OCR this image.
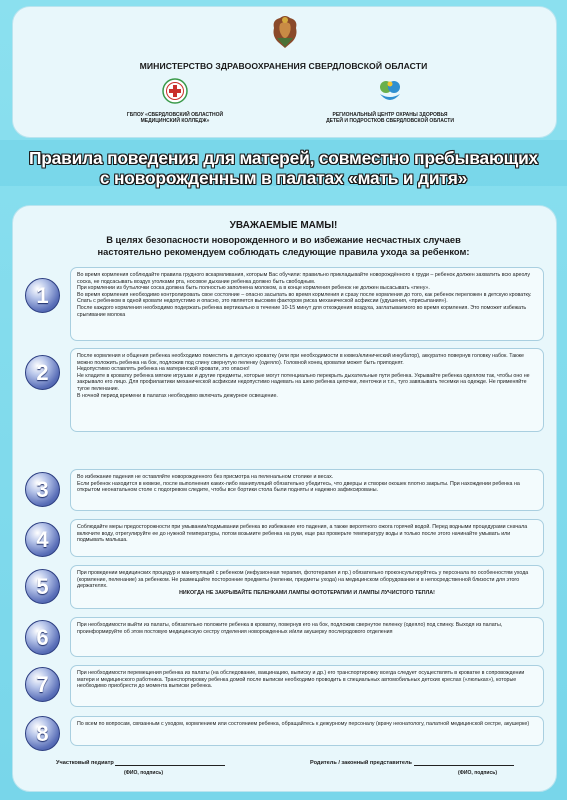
МИНИСТЕРСТВО ЗДРАВООХРАНЕНИЯ СВЕРДЛОВСКОЙ ОБЛАСТИ
ГБПОУ «СВЕРДЛОВСКИЙ ОБЛАСТНОЙ
МЕДИЦИНСКИЙ КОЛЛЕДЖ»
РЕГИОНАЛЬНЫЙ ЦЕНТР ОХРАНЫ ЗДОРОВЬЯ
ДЕТЕЙ И ПОДРОСТКОВ СВЕРДЛОВСКОЙ ОБЛАСТИ
Правила поведения для матерей, совместно пребывающих
с новорожденным в палатах «мать и дитя»
УВАЖАЕМЫЕ МАМЫ!
В целях безопасности новорожденного и во избежание несчастных случаев
настоятельно рекомендуем соблюдать следующие правила ухода за ребенком:
1

Во время кормления соблюдайте правила грудного вскармливания, которым Вас обучили: правильно прикладывайте новорождённого к груди – ребенок должен захватить всю ареолу соска, не подсасывать воздух уголками рта, носовое дыхание ребенка должно быть свободным.

При кормлении из бутылочки соска должна быть полностью заполнена молоком, а в конце кормления ребенок не должен высасывать «пену».

Во время кормления необходимо контролировать свое состояние – опасно засыпать во время кормления и сразу после кормления до того, как ребенок переложен в детскую кроватку. Спать с ребенком в одной кровати недопустимо и опасно, это является высоким фактором риска механической асфиксии (удушения, «присыпания»).

После каждого кормления необходимо подержать ребенка вертикально в течение 10-15 минут для отхождения воздуха, заглатываемого во время кормления. Это поможет избежать срыгивание молока

2

После кормления и общения ребенка необходимо поместить в детскую кроватку (или при необходимости в кювез/клинический инкубатор), аккуратно повернув головку набок. Также можно положить ребенка на бок, подложив под спину свернутую пеленку (одеяло). Головной конец кроватки может быть приподнят.

Недопустимо оставлять ребенка на материнской кровати, это опасно!

Не кладите в кроватку ребенка мягкие игрушки и другие предметы, которые могут потенциально перекрыть дыхательные пути ребенка. Укрывайте ребенка одеялом так, чтобы оно не закрывало его лицо. Для профилактики механической асфиксии недопустимо надевать на шею ребенка цепочки, ленточки и т.п., туго завязывать тесемки на одежде. Не применяйте тугое пеленание.

В ночной период времени в палатах необходимо включать дежурное освещение.

3	Во избежание падения не оставляйте новорожденного без присмотра на пеленальном столике и весах.

Если ребенок находится в кювезе, после выполнения каких-либо манипуляций обязательно убедитесь, что дверцы и створки окошек плотно закрыты. При нахождении ребенка на открытом неонатальном столе с подогревом следите, чтобы все бортики стола были подняты и надежно зафиксированы.

4	Соблюдайте меры предосторожности при умывании/подмывании ребенка во избежание его падения, а также вероятного ожога горячей водой. Перед водными процедурами сначала включите воду, отрегулируйте ее до нужной температуры, потом возьмите ребенка на руки, еще раз проверьте температуру воды и только после этого начинайте умывать или подмывать малыша.

5

При проведении медицинских процедур и манипуляций с ребенком (инфузионная терапия, фототерапия и пр.) обязательно проконсультируйтесь у персонала по особенностям ухода (кормление, пеленание) за ребенком. Не размещайте посторонние предметы (пеленки, предметы ухода) на медицинском оборудовании и в непосредственной близости для этого держателях.

НИКОГДА НЕ ЗАКРЫВАЙТЕ ПЕЛЕНКАМИ ЛАМПЫ ФОТОТЕРАПИИ И ЛАМПЫ ЛУЧИСТОГО ТЕПЛА!

6	При необходимости выйти из палаты, обязательно положите ребенка в кроватку, повернув его на бок, подложив свернутое пеленку (одеяло) под спинку. Выходя из палаты, проинформируйте об этом постовую медицинскую сестру отделения новорожденных и/или акушерку послеродового отделения

7	При необходимости перемещения ребенка из палаты (на обследование, вакцинацию, выписку и др.) его транспортировку всегда следует осуществлять в кроватке в сопровождении матери и медицинского работника. Транспортировку ребенка домой после выписки необходимо проводить в специальных автомобильных детских креслах («люльках»), которые необходимо приобрести до момента выписки ребенка.

8	По всем по вопросам, связанным с уходом, кормлением или состоянием ребенка, обращайтесь к дежурному персоналу (врачу неонатологу, палатной медицинской сестре, акушерке)

Участковый педиатр
(ФИО, подпись)
Родитель / законный представитель
(ФИО, подпись)
